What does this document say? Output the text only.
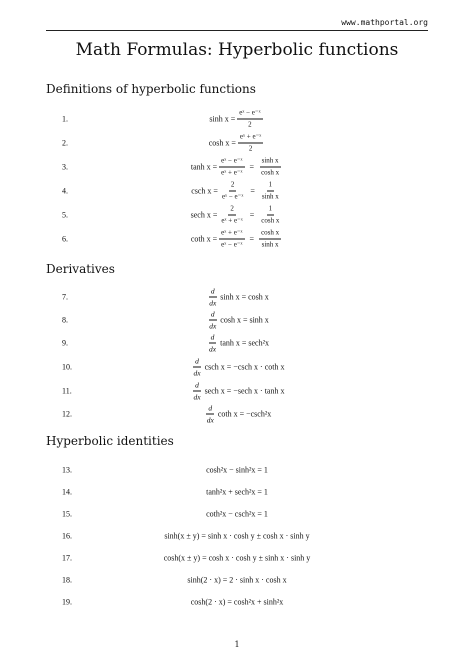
www.mathportal.org
Math Formulas: Hyperbolic functions
Definitions of hyperbolic functions
Derivatives
Hyperbolic identities
1.	$\sinh x = \frac{\text{eˣ − e⁻ˣ}}{2}$
2.	$\cosh x = \frac{\text{eˣ + e⁻ˣ}}{2}$
3.	$\tanh x = \frac{\text{eˣ − e⁻ˣ}}{\text{eˣ + e⁻ˣ}} = \frac{\text{sinh x}}{\text{cosh x}}$
4.	csch $x = \frac{2}{\text{eˣ − e⁻ˣ}} = \frac{1}{\text{sinh x}}$
5.	sech $x = \frac{2}{\text{eˣ + e⁻ˣ}} = \frac{1}{\text{cosh x}}$
6.	coth $x = \frac{\text{eˣ + e⁻ˣ}}{\text{eˣ − e⁻ˣ}} = \frac{\text{cosh x}}{\text{sinh x}}$
7.	$\frac{d}{dx}$ sinh x = cosh x
8.	$\frac{d}{dx}$ cosh x = sinh x
9.	$\frac{d}{dx}$ tanh x = sech²x
10.	$\frac{d}{dx}$ csch x = −csch x · coth x
11.	$\frac{d}{dx}$ sech x = −sech x · tanh x
12.	$\frac{d}{dx}$ coth x = −csch²x
13.	cosh²x − sinh²x = 1
14.	tanh²x + sech²x = 1
15.	coth²x − csch²x = 1
16.	sinh(x ± y) = sinh x · cosh y ± cosh x · sinh y
17.	cosh(x ± y) = cosh x · cosh y ± sinh x · sinh y
18.	sinh(2 · x) = 2 · sinh x · cosh x
19.	cosh(2 · x) = cosh²x + sinh²x
1
